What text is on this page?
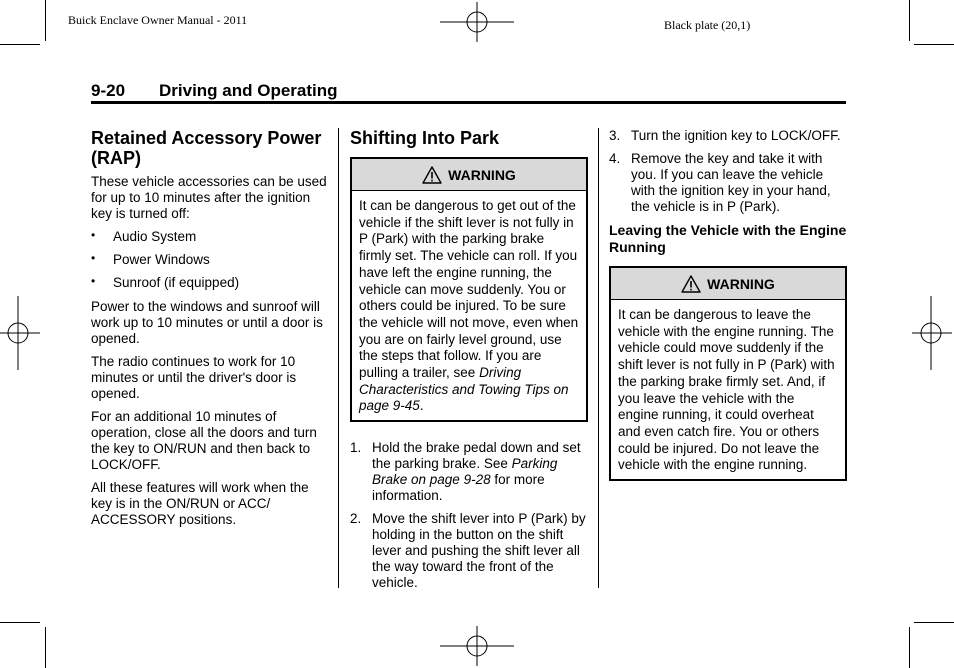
Buick Enclave Owner Manual - 2011	Black plate (20,1)
9-20 Driving and Operating
Retained Accessory Power (RAP)

These vehicle accessories can be used for up to 10 minutes after the ignition key is turned off:

• Audio System
• Power Windows
• Sunroof (if equipped)

Power to the windows and sunroof will work up to 10 minutes or until a door is opened.

The radio continues to work for 10 minutes or until the driver's door is opened.

For an additional 10 minutes of operation, close all the doors and turn the key to ON/RUN and then back to LOCK/OFF.

All these features will work when the key is in the ON/RUN or ACC/ ACCESSORY positions.

Shifting Into Park
WARNING
It can be dangerous to get out of the vehicle if the shift lever is not fully in P (Park) with the parking brake firmly set. The vehicle can roll. If you have left the engine running, the vehicle can move suddenly. You or others could be injured. To be sure the vehicle will not move, even when you are on fairly level ground, use the steps that follow. If you are pulling a trailer, see Driving Characteristics and Towing Tips on page 9-45.
1. Hold the brake pedal down and set the parking brake. See Parking Brake on page 9-28 for more information.
2. Move the shift lever into P (Park) by holding in the button on the shift lever and pushing the shift lever all the way toward the front of the vehicle.
3. Turn the ignition key to LOCK/OFF.
4. Remove the key and take it with you. If you can leave the vehicle with the ignition key in your hand, the vehicle is in P (Park).
Leaving the Vehicle with the Engine Running
WARNING
It can be dangerous to leave the vehicle with the engine running. The vehicle could move suddenly if the shift lever is not fully in P (Park) with the parking brake firmly set. And, if you leave the vehicle with the engine running, it could overheat and even catch fire. You or others could be injured. Do not leave the vehicle with the engine running.
